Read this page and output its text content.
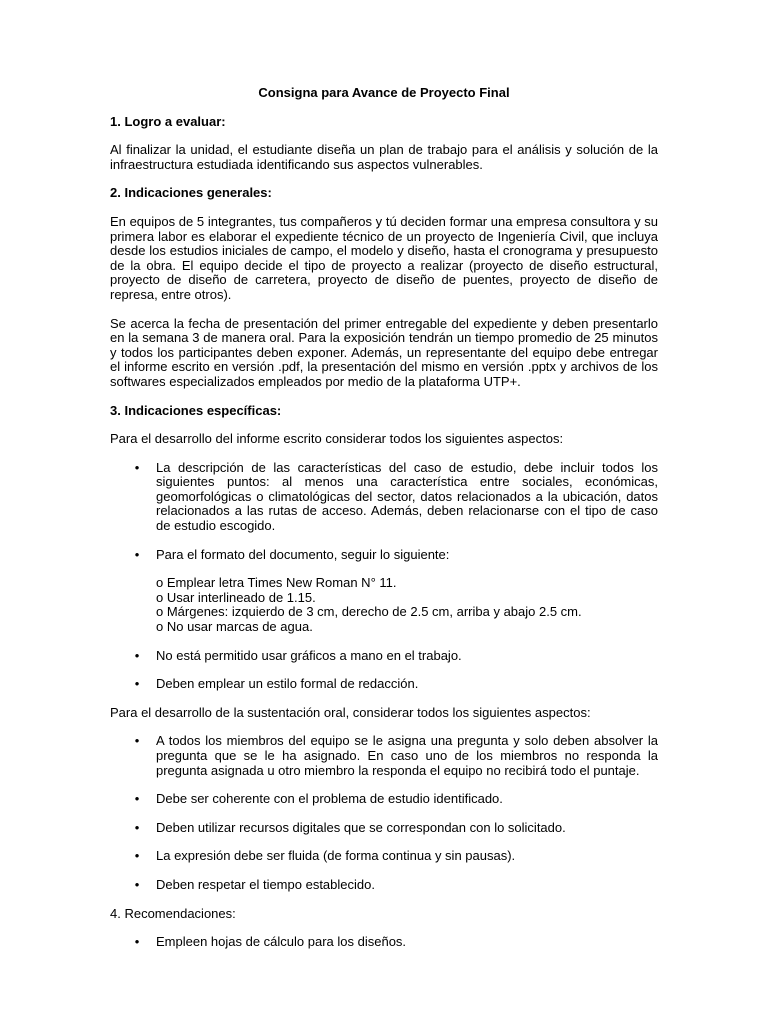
Consigna para Avance de Proyecto Final
1. Logro a evaluar:

Al finalizar la unidad, el estudiante diseña un plan de trabajo para el análisis y solución de la infraestructura estudiada identificando sus aspectos vulnerables.

2. Indicaciones generales:

En equipos de 5 integrantes, tus compañeros y tú deciden formar una empresa consultora y su primera labor es elaborar el expediente técnico de un proyecto de Ingeniería Civil, que incluya desde los estudios iniciales de campo, el modelo y diseño, hasta el cronograma y presupuesto de la obra. El equipo decide el tipo de proyecto a realizar (proyecto de diseño estructural, proyecto de diseño de carretera, proyecto de diseño de puentes, proyecto de diseño de represa, entre otros).

Se acerca la fecha de presentación del primer entregable del expediente y deben presentarlo en la semana 3 de manera oral. Para la exposición tendrán un tiempo promedio de 25 minutos y todos los participantes deben exponer. Además, un representante del equipo debe entregar el informe escrito en versión .pdf, la presentación del mismo en versión .pptx y archivos de los softwares especializados empleados por medio de la plataforma UTP+.

3. Indicaciones específicas:

Para el desarrollo del informe escrito considerar todos los siguientes aspectos:

• La descripción de las características del caso de estudio, debe incluir todos los siguientes puntos: al menos una característica entre sociales, económicas, geomorfológicas o climatológicas del sector, datos relacionados a la ubicación, datos relacionados a las rutas de acceso. Además, deben relacionarse con el tipo de caso de estudio escogido.
• Para el formato del documento, seguir lo siguiente:
o Emplear letra Times New Roman N° 11.
o Usar interlineado de 1.15.
o Márgenes: izquierdo de 3 cm, derecho de 2.5 cm, arriba y abajo 2.5 cm.
o No usar marcas de agua.
• No está permitido usar gráficos a mano en el trabajo.
• Deben emplear un estilo formal de redacción.

Para el desarrollo de la sustentación oral, considerar todos los siguientes aspectos:

• A todos los miembros del equipo se le asigna una pregunta y solo deben absolver la pregunta que se le ha asignado. En caso uno de los miembros no responda la pregunta asignada u otro miembro la responda el equipo no recibirá todo el puntaje.
• Debe ser coherente con el problema de estudio identificado.
• Deben utilizar recursos digitales que se correspondan con lo solicitado.
• La expresión debe ser fluida (de forma continua y sin pausas).
• Deben respetar el tiempo establecido.
4. Recomendaciones:
• Empleen hojas de cálculo para los diseños.
